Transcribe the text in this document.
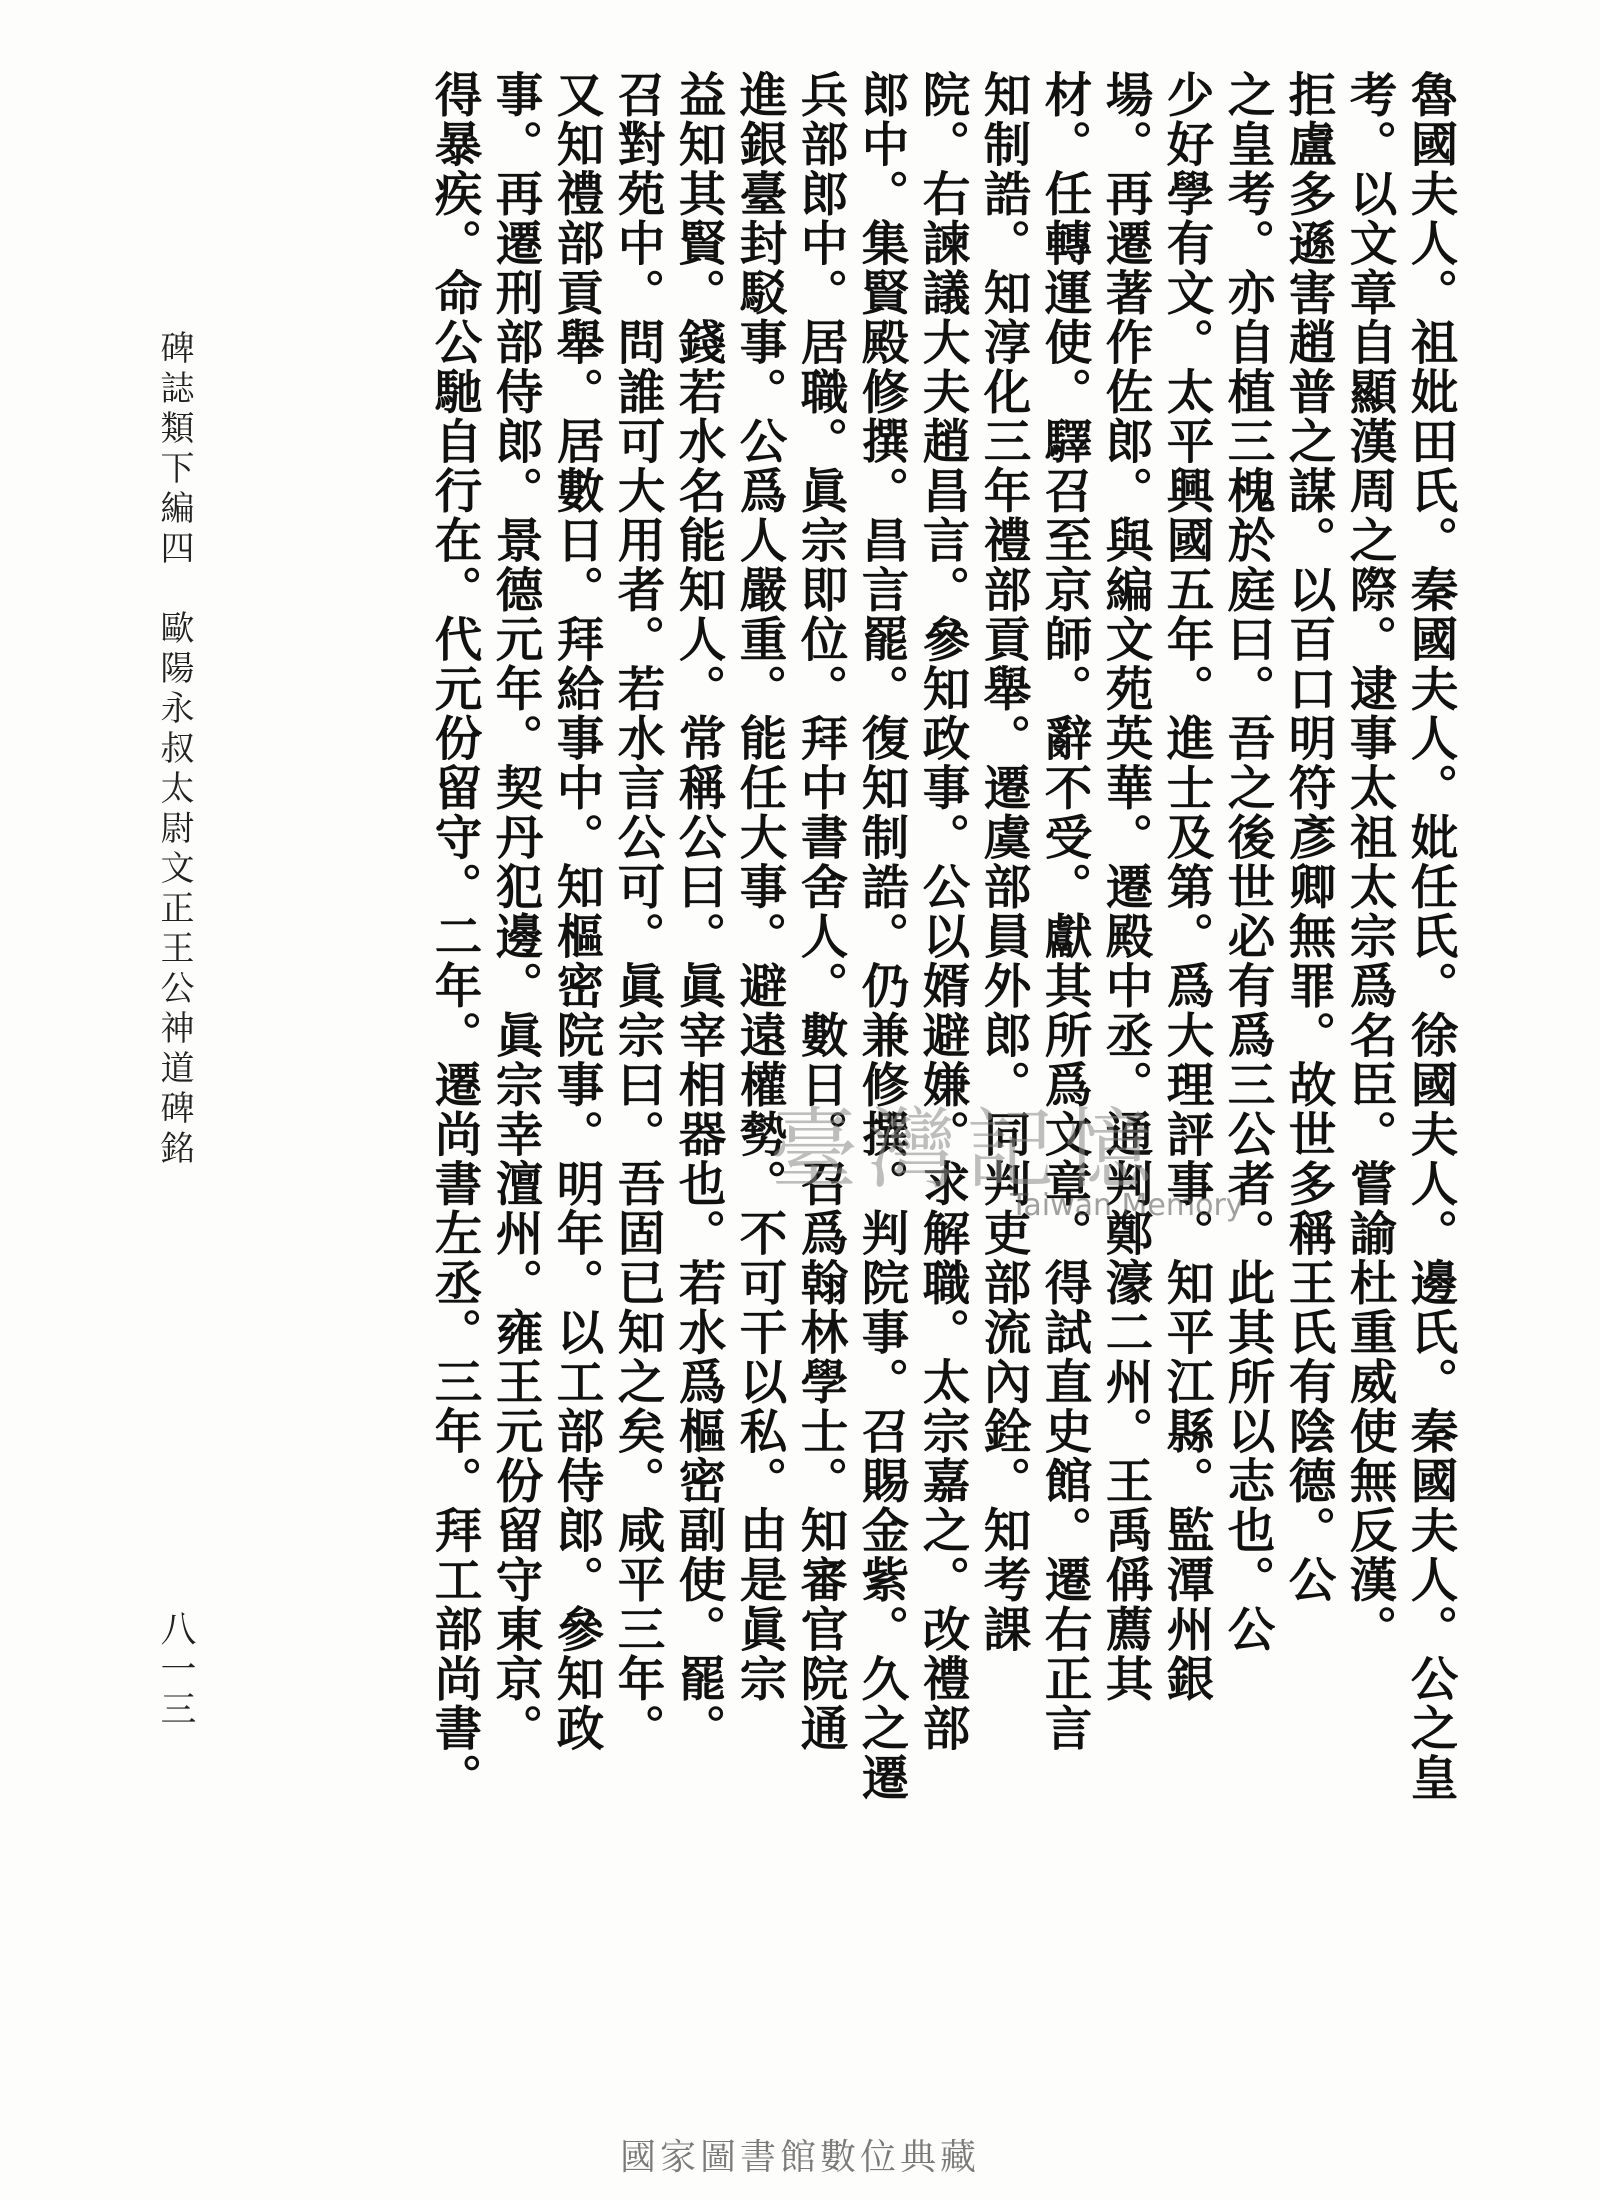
魯國夫人。祖妣田氏。秦國夫人。妣任氏。徐國夫人。邊氏。秦國夫人。公之皇
考。以文章自顯漢周之際。逮事太祖太宗爲名臣。嘗諭杜重威使無反漢。
拒盧多遜害趙普之謀。以百口明符彥卿無罪。故世多稱王氏有陰德。公
之皇考。亦自植三槐於庭曰。吾之後世必有爲三公者。此其所以志也。公
少好學有文。太平興國五年。進士及第。爲大理評事。知平江縣。監潭州銀
場。再遷著作佐郎。與編文苑英華。遷殿中丞。通判鄭濠二州。王禹偁薦其
材。任轉運使。驛召至京師。辭不受。獻其所爲文章。得試直史館。遷右正言
知制誥。知淳化三年禮部貢舉。遷虞部員外郎。同判吏部流內銓。知考課
院。右諫議大夫趙昌言。參知政事。公以婿避嫌。求解職。太宗嘉之。改禮部
郎中。集賢殿修撰。昌言罷。復知制誥。仍兼修撰。判院事。召賜金紫。久之遷
兵部郎中。居職。眞宗即位。拜中書舍人。數日。召爲翰林學士。知審官院通
進銀臺封駁事。公爲人嚴重。能任大事。避遠權勢。不可干以私。由是眞宗
益知其賢。錢若水名能知人。常稱公曰。眞宰相器也。若水爲樞密副使。罷。
召對苑中。問誰可大用者。若水言公可。眞宗曰。吾固已知之矣。咸平三年。
又知禮部貢舉。居數日。拜給事中。知樞密院事。明年。以工部侍郎。參知政
事。再遷刑部侍郎。景德元年。契丹犯邊。眞宗幸澶州。雍王元份留守東京。
得暴疾。命公馳自行在。代元份留守。二年。遷尚書左丞。三年。拜工部尚書。
碑誌類下編四　歐陽永叔太尉文正王公神道碑銘
八一三
臺灣記憶
Taiwan Memory
國家圖書館數位典藏
